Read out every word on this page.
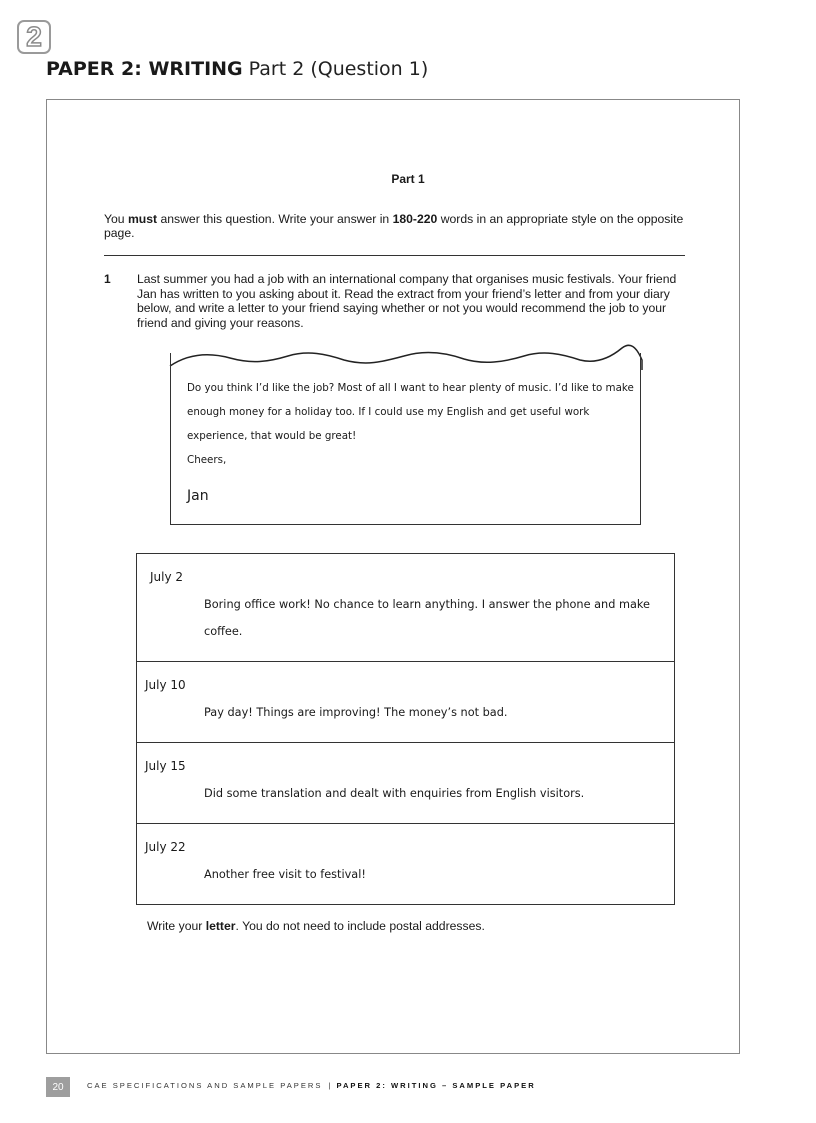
2
PAPER 2: WRITING Part 2 (Question 1)
Part 1
You must answer this question. Write your answer in 180-220 words in an appropriate style on the opposite page.
1 Last summer you had a job with an international company that organises music festivals. Your friend Jan has written to you asking about it. Read the extract from your friend’s letter and from your diary below, and write a letter to your friend saying whether or not you would recommend the job to your friend and giving your reasons.
Do you think I’d like the job? Most of all I want to hear plenty of music. I’d like to make enough money for a holiday too. If I could use my English and get useful work experience, that would be great!
Cheers,
Jan
July 2
Boring office work! No chance to learn anything. I answer the phone and make coffee.
July 10
Pay day! Things are improving! The money’s not bad.
July 15
Did some translation and dealt with enquiries from English visitors.
July 22
Another free visit to festival!
Write your letter. You do not need to include postal addresses.
20	CAE SPECIFICATIONS AND SAMPLE PAPERS | PAPER 2: WRITING – SAMPLE PAPER
